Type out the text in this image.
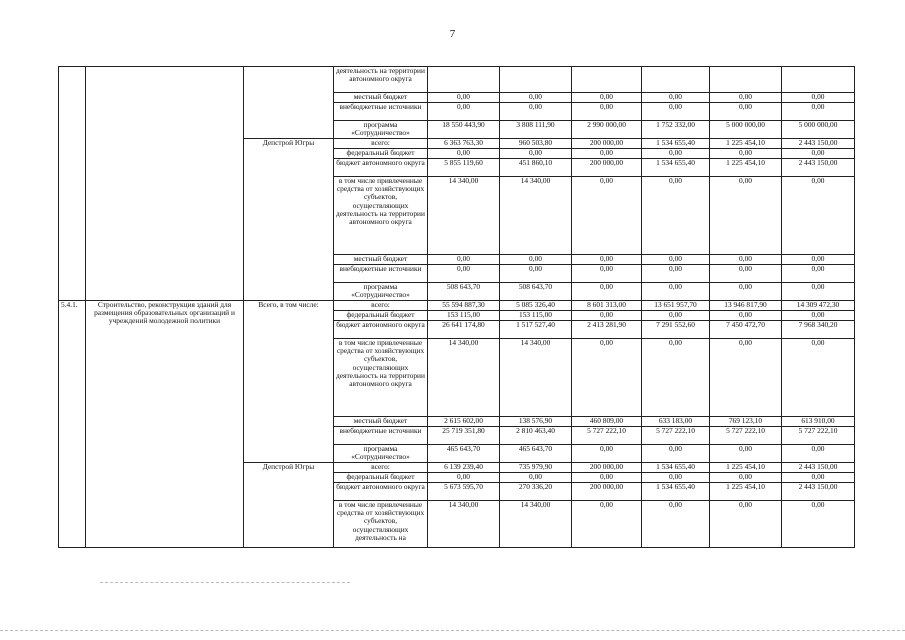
7
			деятельность на территории автономного округа						
			местный бюджет	0,00	0,00	0,00	0,00	0,00	0,00
			внебюджетные источники	0,00	0,00	0,00	0,00	0,00	0,00
			программа «Сотрудничество»	18 550 443,90	3 808 111,90	2 990 000,00	1 752 332,00	5 000 000,00	5 000 000,00
		Депстрой Югры	всего:	6 363 763,30	960 503,80	200 000,00	1 534 655,40	1 225 454,10	2 443 150,00
			федеральный бюджет	0,00	0,00	0,00	0,00	0,00	0,00
			бюджет автономного округа	5 855 119,60	451 860,10	200 000,00	1 534 655,40	1 225 454,10	2 443 150,00
			в том числе привлеченные средства от хозяйствующих субъектов, осуществляющих деятельность на территории автономного округа	14 340,00	14 340,00	0,00	0,00	0,00	0,00
			местный бюджет	0,00	0,00	0,00	0,00	0,00	0,00
			внебюджетные источники	0,00	0,00	0,00	0,00	0,00	0,00
			программа «Сотрудничество»	508 643,70	508 643,70	0,00	0,00	0,00	0,00
5.4.1.	Строительство, реконструкция зданий для размещения образовательных организаций и учреждений молодежной политики	Всего, в том числе:	всего:	55 594 887,30	5 085 326,40	8 601 313,00	13 651 957,70	13 946 817,90	14 309 472,30
			федеральный бюджет	153 115,00	153 115,00	0,00	0,00	0,00	0,00
			бюджет автономного округа	26 641 174,80	1 517 527,40	2 413 281,90	7 291 552,60	7 450 472,70	7 968 340,20
			в том числе привлеченные средства от хозяйствующих субъектов, осуществляющих деятельность на территории автономного округа	14 340,00	14 340,00	0,00	0,00	0,00	0,00
			местный бюджет	2 615 602,00	138 576,90	460 809,00	633 183,00	769 123,10	613 910,00
			внебюджетные источники	25 719 351,80	2 810 463,40	5 727 222,10	5 727 222,10	5 727 222,10	5 727 222,10
			программа «Сотрудничество»	465 643,70	465 643,70	0,00	0,00	0,00	0,00
		Депстрой Югры	всего:	6 139 239,40	735 979,90	200 000,00	1 534 655,40	1 225 454,10	2 443 150,00
			федеральный бюджет	0,00	0,00	0,00	0,00	0,00	0,00
			бюджет автономного округа	5 673 595,70	270 336,20	200 000,00	1 534 655,40	1 225 454,10	2 443 150,00
			в том числе привлеченные средства от хозяйствующих субъектов, осуществляющих деятельность на	14 340,00	14 340,00	0,00	0,00	0,00	0,00
